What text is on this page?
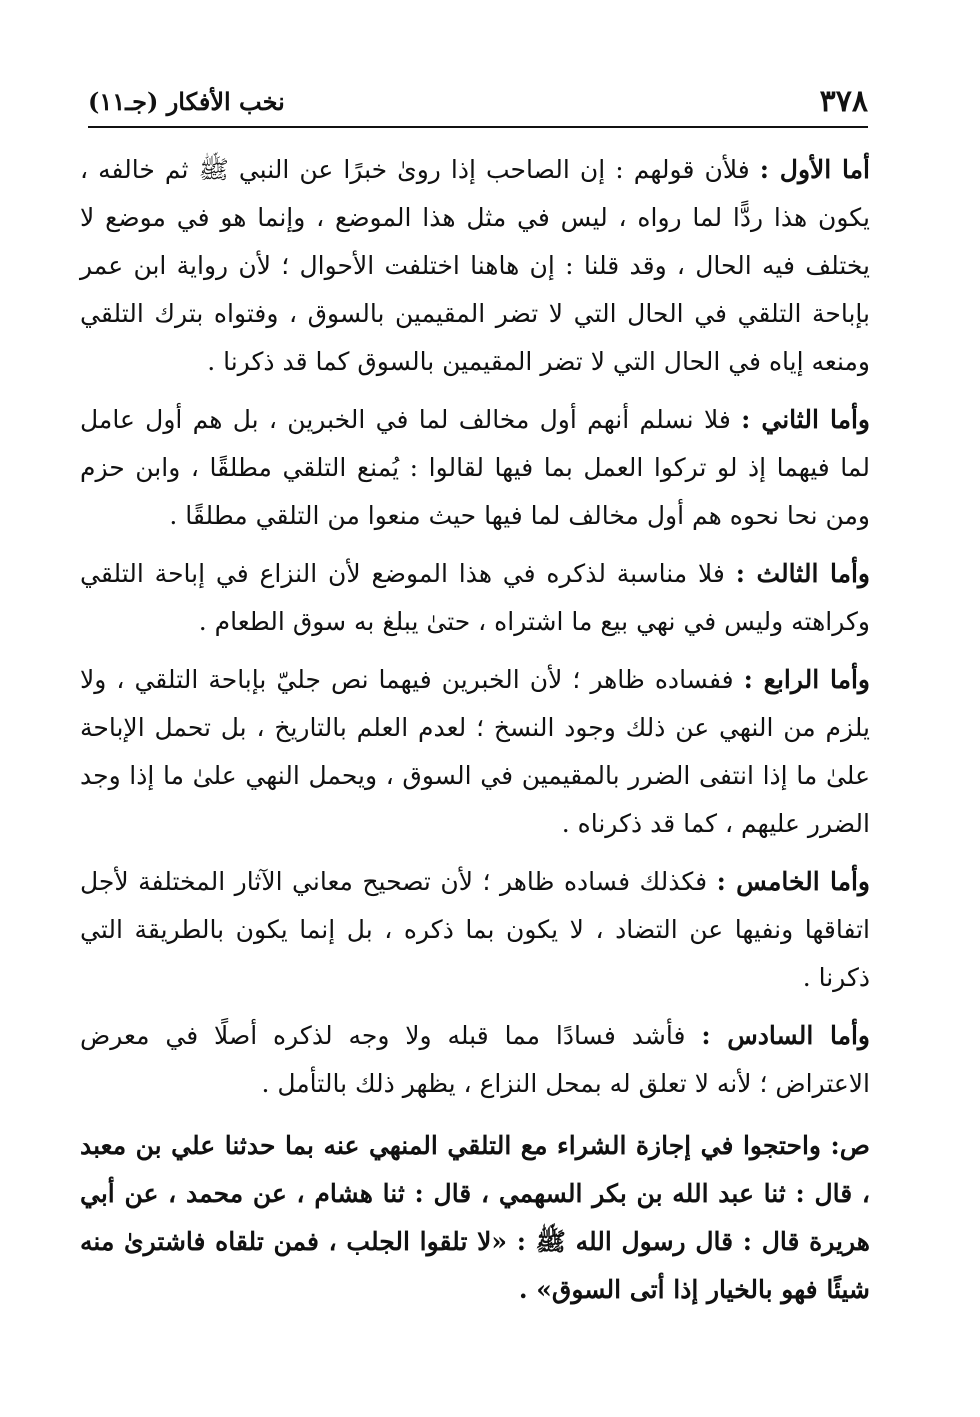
٣٧٨
نخب الأفكار (جـ١١)

أما الأول : فلأن قولهم : إن الصاحب إذا روىٰ خبرًا عن النبي ﷺ ثم خالفه ، يكون هذا ردًّا لما رواه ، ليس في مثل هذا الموضع ، وإنما هو في موضع لا يختلف فيه الحال ، وقد قلنا : إن هاهنا اختلفت الأحوال ؛ لأن رواية ابن عمر بإباحة التلقي في الحال التي لا تضر المقيمين بالسوق ، وفتواه بترك التلقي ومنعه إياه في الحال التي لا تضر المقيمين بالسوق كما قد ذكرنا .

وأما الثاني : فلا نسلم أنهم أول مخالف لما في الخبرين ، بل هم أول عامل لما فيهما إذ لو تركوا العمل بما فيها لقالوا : يُمنع التلقي مطلقًا ، وابن حزم ومن نحا نحوه هم أول مخالف لما فيها حيث منعوا من التلقي مطلقًا .

وأما الثالث : فلا مناسبة لذكره في هذا الموضع لأن النزاع في إباحة التلقي وكراهته وليس في نهي بيع ما اشتراه ، حتىٰ يبلغ به سوق الطعام .

وأما الرابع : ففساده ظاهر ؛ لأن الخبرين فيهما نص جليّ بإباحة التلقي ، ولا يلزم من النهي عن ذلك وجود النسخ ؛ لعدم العلم بالتاريخ ، بل تحمل الإباحة علىٰ ما إذا انتفى الضرر بالمقيمين في السوق ، ويحمل النهي علىٰ ما إذا وجد الضرر عليهم ، كما قد ذكرناه .

وأما الخامس : فكذلك فساده ظاهر ؛ لأن تصحيح معاني الآثار المختلفة لأجل اتفاقها ونفيها عن التضاد ، لا يكون بما ذكره ، بل إنما يكون بالطريقة التي ذكرنا .

وأما السادس : فأشد فسادًا مما قبله ولا وجه لذكره أصلًا في معرض الاعتراض ؛ لأنه لا تعلق له بمحل النزاع ، يظهر ذلك بالتأمل .

ص: واحتجوا في إجازة الشراء مع التلقي المنهي عنه بما حدثنا علي بن معبد ، قال : ثنا عبد الله بن بكر السهمي ، قال : ثنا هشام ، عن محمد ، عن أبي هريرة قال : قال رسول الله ﷺ : «لا تلقوا الجلب ، فمن تلقاه فاشترىٰ منه شيئًا فهو بالخيار إذا أتى السوق» .
